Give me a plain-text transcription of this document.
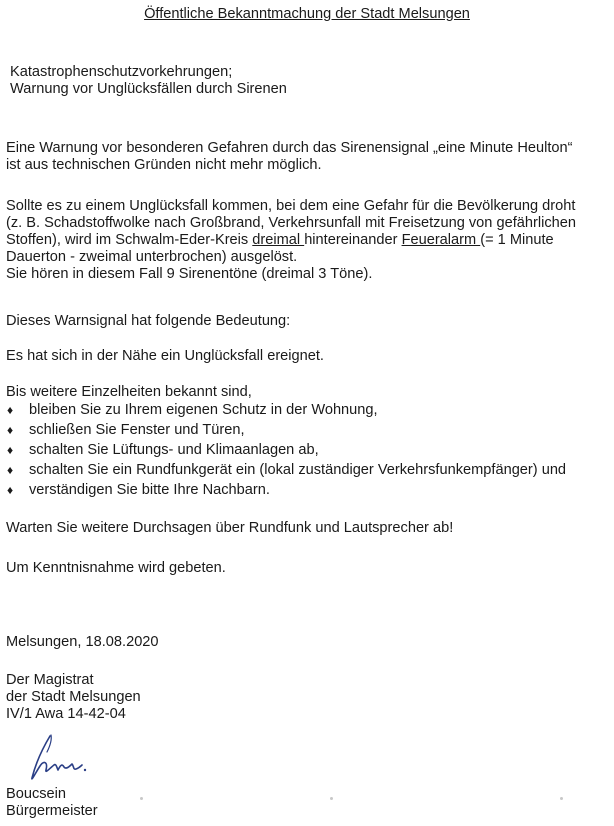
Öffentliche Bekanntmachung der Stadt Melsungen
Katastrophenschutzvorkehrungen;
Warnung vor Unglücksfällen durch Sirenen
Eine Warnung vor besonderen Gefahren durch das Sirenensignal „eine Minute Heulton“
ist aus technischen Gründen nicht mehr möglich.
Sollte es zu einem Unglücksfall kommen, bei dem eine Gefahr für die Bevölkerung droht
(z. B. Schadstoffwolke nach Großbrand, Verkehrsunfall mit Freisetzung von gefährlichen
Stoffen), wird im Schwalm-Eder-Kreis dreimal hintereinander Feueralarm (= 1 Minute
Dauerton - zweimal unterbrochen) ausgelöst.
Sie hören in diesem Fall 9 Sirenentöne (dreimal 3 Töne).
Dieses Warnsignal hat folgende Bedeutung:
Es hat sich in der Nähe ein Unglücksfall ereignet.
Bis weitere Einzelheiten bekannt sind,
♦ bleiben Sie zu Ihrem eigenen Schutz in der Wohnung,
♦ schließen Sie Fenster und Türen,
♦ schalten Sie Lüftungs- und Klimaanlagen ab,
♦ schalten Sie ein Rundfunkgerät ein (lokal zuständiger Verkehrsfunkempfänger) und
♦ verständigen Sie bitte Ihre Nachbarn.
Warten Sie weitere Durchsagen über Rundfunk und Lautsprecher ab!
Um Kenntnisnahme wird gebeten.
Melsungen, 18.08.2020
Der Magistrat
der Stadt Melsungen
IV/1 Awa 14-42-04
Boucsein
Bürgermeister
